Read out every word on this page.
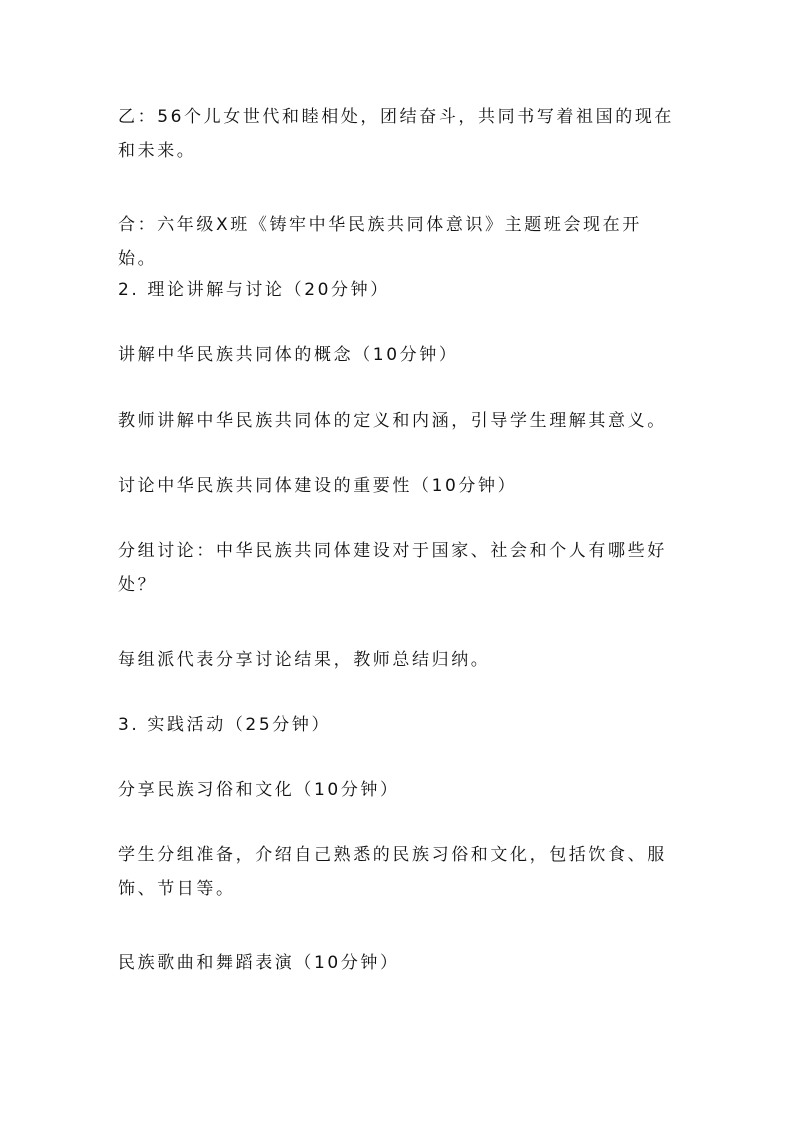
乙：56个儿女世代和睦相处，团结奋斗，共同书写着祖国的现在和未来。

合：六年级X班《铸牢中华民族共同体意识》主题班会现在开始。

2. 理论讲解与讨论（20分钟）

讲解中华民族共同体的概念（10分钟）

教师讲解中华民族共同体的定义和内涵，引导学生理解其意义。

讨论中华民族共同体建设的重要性（10分钟）

分组讨论：中华民族共同体建设对于国家、社会和个人有哪些好处？

每组派代表分享讨论结果，教师总结归纳。

3. 实践活动（25分钟）

分享民族习俗和文化（10分钟）

学生分组准备，介绍自己熟悉的民族习俗和文化，包括饮食、服饰、节日等。

民族歌曲和舞蹈表演（10分钟）
